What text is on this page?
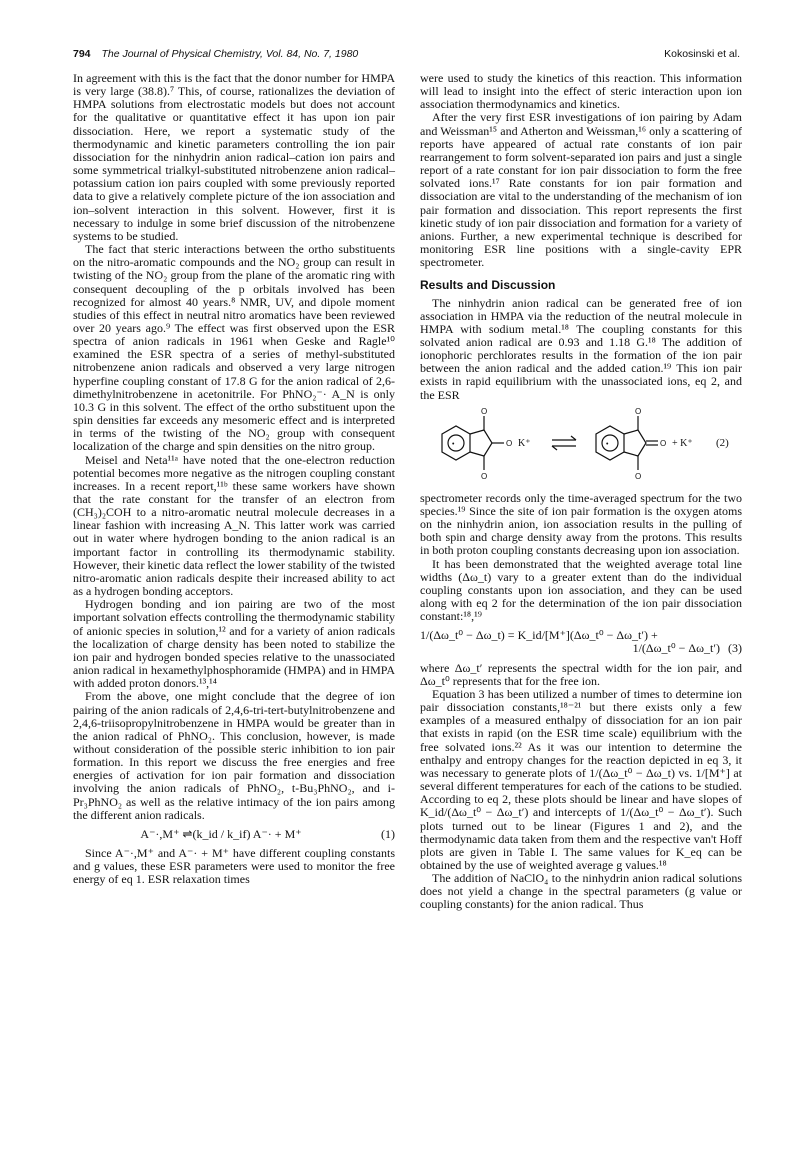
794 The Journal of Physical Chemistry, Vol. 84, No. 7, 1980	Kokosinski et al.

In agreement with this is the fact that the donor number for HMPA is very large (38.8).⁷ This, of course, rationalizes the deviation of HMPA solutions from electrostatic models but does not account for the qualitative or quantitative effect it has upon ion pair dissociation. Here, we report a systematic study of the thermodynamic and kinetic parameters controlling the ion pair dissociation for the ninhydrin anion radical–cation ion pairs and some symmetrical trialkyl-substituted nitrobenzene anion radical–potassium cation ion pairs coupled with some previously reported data to give a relatively complete picture of the ion association and ion–solvent interaction in this solvent. However, first it is necessary to indulge in some brief discussion of the nitrobenzene systems to be studied.

The fact that steric interactions between the ortho substituents on the nitro-aromatic compounds and the NO₂ group can result in twisting of the NO₂ group from the plane of the aromatic ring with consequent decoupling of the p orbitals involved has been recognized for almost 40 years.⁸ NMR, UV, and dipole moment studies of this effect in neutral nitro aromatics have been reviewed over 20 years ago.⁹ The effect was first observed upon the ESR spectra of anion radicals in 1961 when Geske and Ragle¹⁰ examined the ESR spectra of a series of methyl-substituted nitrobenzene anion radicals and observed a very large nitrogen hyperfine coupling constant of 17.8 G for the anion radical of 2,6-dimethylnitrobenzene in acetonitrile. For PhNO₂⁻· A_N is only 10.3 G in this solvent. The effect of the ortho substituent upon the spin densities far exceeds any mesomeric effect and is interpreted in terms of the twisting of the NO₂ group with consequent localization of the charge and spin densities on the nitro group.

Meisel and Neta¹¹ᵃ have noted that the one-electron reduction potential becomes more negative as the nitrogen coupling constant increases. In a recent report,¹¹ᵇ these same workers have shown that the rate constant for the transfer of an electron from (CH₃)₂COH to a nitro-aromatic neutral molecule decreases in a linear fashion with increasing A_N. This latter work was carried out in water where hydrogen bonding to the anion radical is an important factor in controlling its thermodynamic stability. However, their kinetic data reflect the lower stability of the twisted nitro-aromatic anion radicals despite their increased ability to act as a hydrogen bonding acceptors.

Hydrogen bonding and ion pairing are two of the most important solvation effects controlling the thermodynamic stability of anionic species in solution,¹² and for a variety of anion radicals the localization of charge density has been noted to stabilize the ion pair and hydrogen bonded species relative to the unassociated anion radical in hexamethylphosphoramide (HMPA) and in HMPA with added proton donors.¹³,¹⁴

From the above, one might conclude that the degree of ion pairing of the anion radicals of 2,4,6-tri-tert-butylnitrobenzene and 2,4,6-triisopropylnitrobenzene in HMPA would be greater than in the anion radical of PhNO₂. This conclusion, however, is made without consideration of the possible steric inhibition to ion pair formation. In this report we discuss the free energies and free energies of activation for ion pair formation and dissociation involving the anion radicals of PhNO₂, t-Bu₃PhNO₂, and i-Pr₃PhNO₂ as well as the relative intimacy of the ion pairs among the different anion radicals.

A⁻·,M⁺ ⇌(k_id / k_if) A⁻· + M⁺	(1)

Since A⁻·,M⁺ and A⁻· + M⁺ have different coupling constants and g values, these ESR parameters were used to monitor the free energy of eq 1. ESR relaxation times

were used to study the kinetics of this reaction. This information will lead to insight into the effect of steric interaction upon ion association thermodynamics and kinetics.

After the very first ESR investigations of ion pairing by Adam and Weissman¹⁵ and Atherton and Weissman,¹⁶ only a scattering of reports have appeared of actual rate constants of ion pair rearrangement to form solvent-separated ion pairs and just a single report of a rate constant for ion pair dissociation to form the free solvated ions.¹⁷ Rate constants for ion pair formation and dissociation are vital to the understanding of the mechanism of ion pair formation and dissociation. This report represents the first kinetic study of ion pair dissociation and formation for a variety of anions. Further, a new experimental technique is described for monitoring ESR line positions with a single-cavity EPR spectrometer.

Results and Discussion

The ninhydrin anion radical can be generated free of ion association in HMPA via the reduction of the neutral molecule in HMPA with sodium metal.¹⁸ The coupling constants for this solvated anion radical are 0.93 and 1.18 G.¹⁸ The addition of ionophoric perchlorates results in the formation of the ion pair between the anion radical and the added cation.¹⁹ This ion pair exists in rapid equilibrium with the unassociated ions, eq 2, and the ESR

O
O
O
•
O
O
O
•
K⁺	+ K⁺ (2)

spectrometer records only the time-averaged spectrum for the two species.¹⁹ Since the site of ion pair formation is the oxygen atoms on the ninhydrin anion, ion association results in the pulling of both spin and charge density away from the protons. This results in both proton coupling constants decreasing upon ion association.

It has been demonstrated that the weighted average total line widths (Δω_t) vary to a greater extent than do the individual coupling constants upon ion association, and they can be used along with eq 2 for the determination of the ion pair dissociation constant:¹⁸,¹⁹

1/(Δω_t⁰ − Δω_t) = K_id/[M⁺](Δω_t⁰ − Δω_t′) +
1/(Δω_t⁰ − Δω_t′) (3)

where Δω_t′ represents the spectral width for the ion pair, and Δω_t⁰ represents that for the free ion.

Equation 3 has been utilized a number of times to determine ion pair dissociation constants,¹⁸⁻²¹ but there exists only a few examples of a measured enthalpy of dissociation for an ion pair that exists in rapid (on the ESR time scale) equilibrium with the free solvated ions.²² As it was our intention to determine the enthalpy and entropy changes for the reaction depicted in eq 3, it was necessary to generate plots of 1/(Δω_t⁰ − Δω_t) vs. 1/[M⁺] at several different temperatures for each of the cations to be studied. According to eq 2, these plots should be linear and have slopes of K_id/(Δω_t⁰ − Δω_t′) and intercepts of 1/(Δω_t⁰ − Δω_t′). Such plots turned out to be linear (Figures 1 and 2), and the thermodynamic data taken from them and the respective van't Hoff plots are given in Table I. The same values for K_eq can be obtained by the use of weighted average g values.¹⁸

The addition of NaClO₄ to the ninhydrin anion radical solutions does not yield a change in the spectral parameters (g value or coupling constants) for the anion radical. Thus
